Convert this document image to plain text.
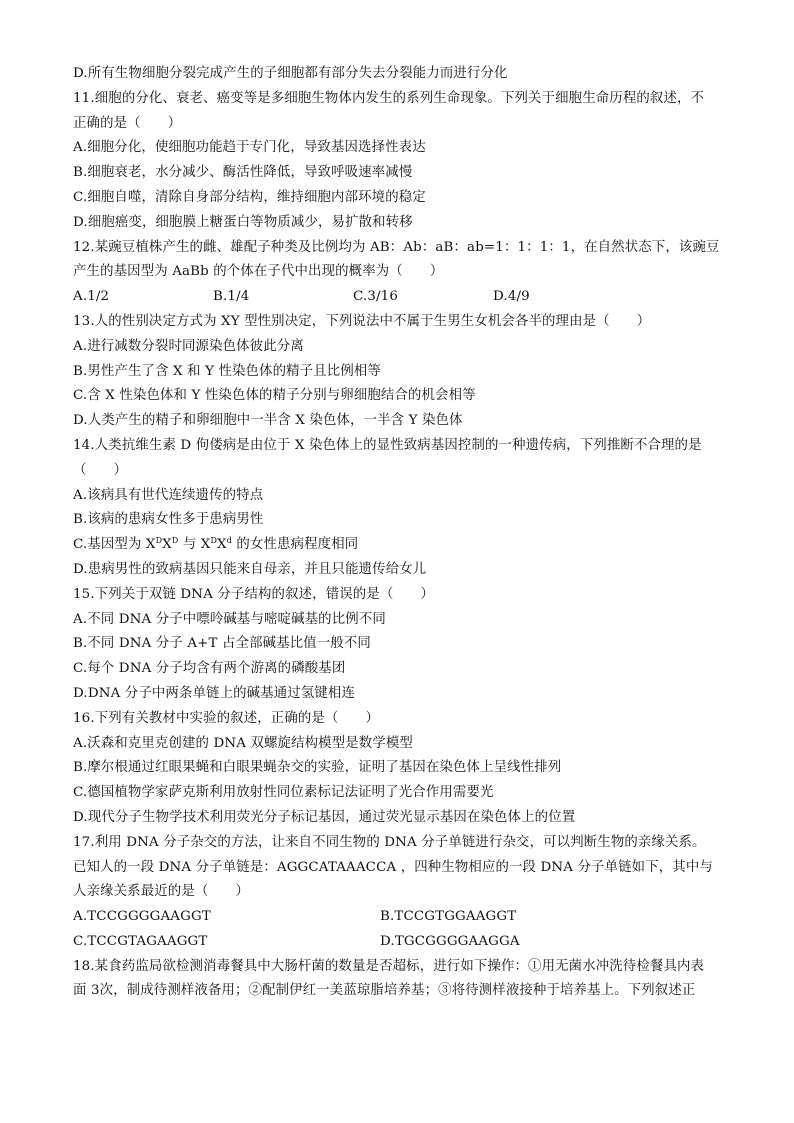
D.所有生物细胞分裂完成产生的子细胞都有部分失去分裂能力而进行分化
11.细胞的分化、衰老、癌变等是多细胞生物体内发生的系列生命现象。下列关于细胞生命历程的叙述，不
正确的是（　　）
A.细胞分化，使细胞功能趋于专门化，导致基因选择性表达
B.细胞衰老，水分减少、酶活性降低，导致呼吸速率减慢
C.细胞自噬，清除自身部分结构，维持细胞内部环境的稳定
D.细胞癌变，细胞膜上糖蛋白等物质减少，易扩散和转移
12.某豌豆植株产生的雌、雄配子种类及比例均为 AB：Ab：aB：ab=1：1：1：1，在自然状态下，该豌豆
产生的基因型为 AaBb 的个体在子代中出现的概率为（　　）
A.1/2	B.1/4	C.3/16	D.4/9
13.人的性别决定方式为 XY 型性别决定，下列说法中不属于生男生女机会各半的理由是（　　）
A.进行减数分裂时同源染色体彼此分离
B.男性产生了含 X 和 Y 性染色体的精子且比例相等
C.含 X 性染色体和 Y 性染色体的精子分别与卵细胞结合的机会相等
D.人类产生的精子和卵细胞中一半含 X 染色体，一半含 Y 染色体
14.人类抗维生素 D 佝偻病是由位于 X 染色体上的显性致病基因控制的一种遗传病，下列推断不合理的是
（　　）
A.该病具有世代连续遗传的特点
B.该病的患病女性多于患病男性
C.基因型为 $X^DX^D$ 与 $X^DX^d$ 的女性患病程度相同
D.患病男性的致病基因只能来自母亲，并且只能遗传给女儿
15.下列关于双链 DNA 分子结构的叙述，错误的是（　　）
A.不同 DNA 分子中嘌呤碱基与嘧啶碱基的比例不同
B.不同 DNA 分子 A+T 占全部碱基比值一般不同
C.每个 DNA 分子均含有两个游离的磷酸基团
D.DNA 分子中两条单链上的碱基通过氢键相连
16.下列有关教材中实验的叙述，正确的是（　　）
A.沃森和克里克创建的 DNA 双螺旋结构模型是数学模型
B.摩尔根通过红眼果蝇和白眼果蝇杂交的实验，证明了基因在染色体上呈线性排列
C.德国植物学家萨克斯利用放射性同位素标记法证明了光合作用需要光
D.现代分子生物学技术利用荧光分子标记基因，通过荧光显示基因在染色体上的位置
17.利用 DNA 分子杂交的方法，让来自不同生物的 DNA 分子单链进行杂交，可以判断生物的亲缘关系。
已知人的一段 DNA 分子单链是：AGGCATAAACCA ，四种生物相应的一段 DNA 分子单链如下，其中与
人亲缘关系最近的是（　　）
A.TCCGGGGAAGGT	B.TCCGTGGAAGGT
C.TCCGTAGAAGGT	D.TGCGGGGAAGGA
18.某食药监局欲检测消毒餐具中大肠杆菌的数量是否超标，进行如下操作：①用无菌水冲洗待检餐具内表
面 3次，制成待测样液备用；②配制伊红一美蓝琼脂培养基；③将待测样液接种于培养基上。下列叙述正
